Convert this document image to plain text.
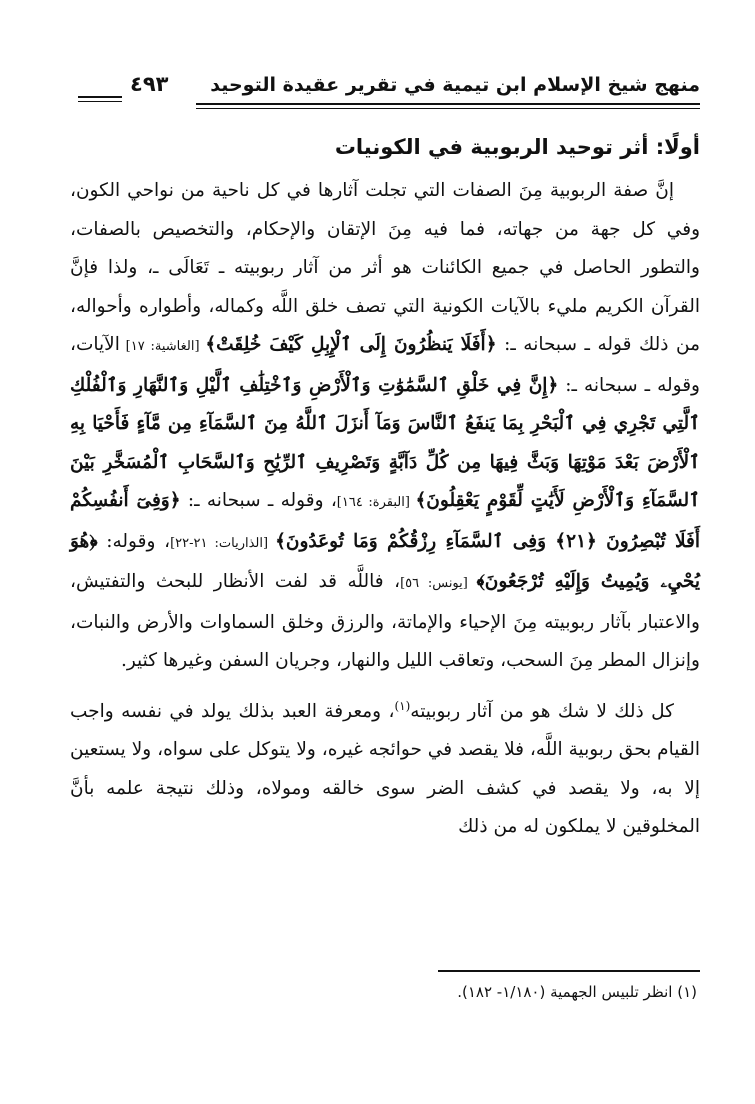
منهج شيخ الإسلام ابن تيمية في تقرير عقيدة التوحيد
٤٩٣
أولًا: أثر توحيد الربوبية في الكونيات

إنَّ صفة الربوبية مِنَ الصفات التي تجلت آثارها في كل ناحية من نواحي الكون، وفي كل جهة من جهاته، فما فيه مِنَ الإتقان والإحكام، والتخصيص بالصفات، والتطور الحاصل في جميع الكائنات هو أثر من آثار ربوبيته ـ تَعَالَى ـ، ولذا فإنَّ القرآن الكريم مليء بالآيات الكونية التي تصف خلق اللَّه وكماله، وأطواره وأحواله، من ذلك قوله ـ سبحانه ـ: ﴿أَفَلَا يَنظُرُونَ إِلَى ٱلْإِبِلِ كَيْفَ خُلِقَتْ﴾ [الغاشية: ١٧] الآيات، وقوله ـ سبحانه ـ: ﴿إِنَّ فِي خَلْقِ ٱلسَّمَٰوَٰتِ وَٱلْأَرْضِ وَٱخْتِلَٰفِ ٱلَّيْلِ وَٱلنَّهَارِ وَٱلْفُلْكِ ٱلَّتِي تَجْرِي فِي ٱلْبَحْرِ بِمَا يَنفَعُ ٱلنَّاسَ وَمَآ أَنزَلَ ٱللَّهُ مِنَ ٱلسَّمَآءِ مِن مَّآءٍ فَأَحْيَا بِهِ ٱلْأَرْضَ بَعْدَ مَوْتِهَا وَبَثَّ فِيهَا مِن كُلِّ دَآبَّةٍ وَتَصْرِيفِ ٱلرِّيَٰحِ وَٱلسَّحَابِ ٱلْمُسَخَّرِ بَيْنَ ٱلسَّمَآءِ وَٱلْأَرْضِ لَأَيَٰتٍ لِّقَوْمٍ يَعْقِلُونَ﴾ [البقرة: ١٦٤]، وقوله ـ سبحانه ـ: ﴿وَفِىٓ أَنفُسِكُمْ أَفَلَا تُبْصِرُونَ ﴿٢١﴾ وَفِى ٱلسَّمَآءِ رِزْقُكُمْ وَمَا تُوعَدُونَ﴾ [الذاريات: ٢١-٢٢]، وقوله: ﴿هُوَ يُحْيِۦ وَيُمِيتُ وَإِلَيْهِ تُرْجَعُونَ﴾ [يونس: ٥٦]، فاللَّه قد لفت الأنظار للبحث والتفتيش، والاعتبار بآثار ربوبيته مِنَ الإحياء والإماتة، والرزق وخلق السماوات والأرض والنبات، وإنزال المطر مِنَ السحب، وتعاقب الليل والنهار، وجريان السفن وغيرها كثير.

كل ذلك لا شك هو من آثار ربوبيته$^{(١)}$، ومعرفة العبد بذلك يولد في نفسه واجب القيام بحق ربوبية اللَّه، فلا يقصد في حوائجه غيره، ولا يتوكل على سواه، ولا يستعين إلا به، ولا يقصد في كشف الضر سوى خالقه ومولاه، وذلك نتيجة علمه بأنَّ المخلوقين لا يملكون له من ذلك

(١) انظر تلبيس الجهمية (١/١٨٠- ١٨٢).
